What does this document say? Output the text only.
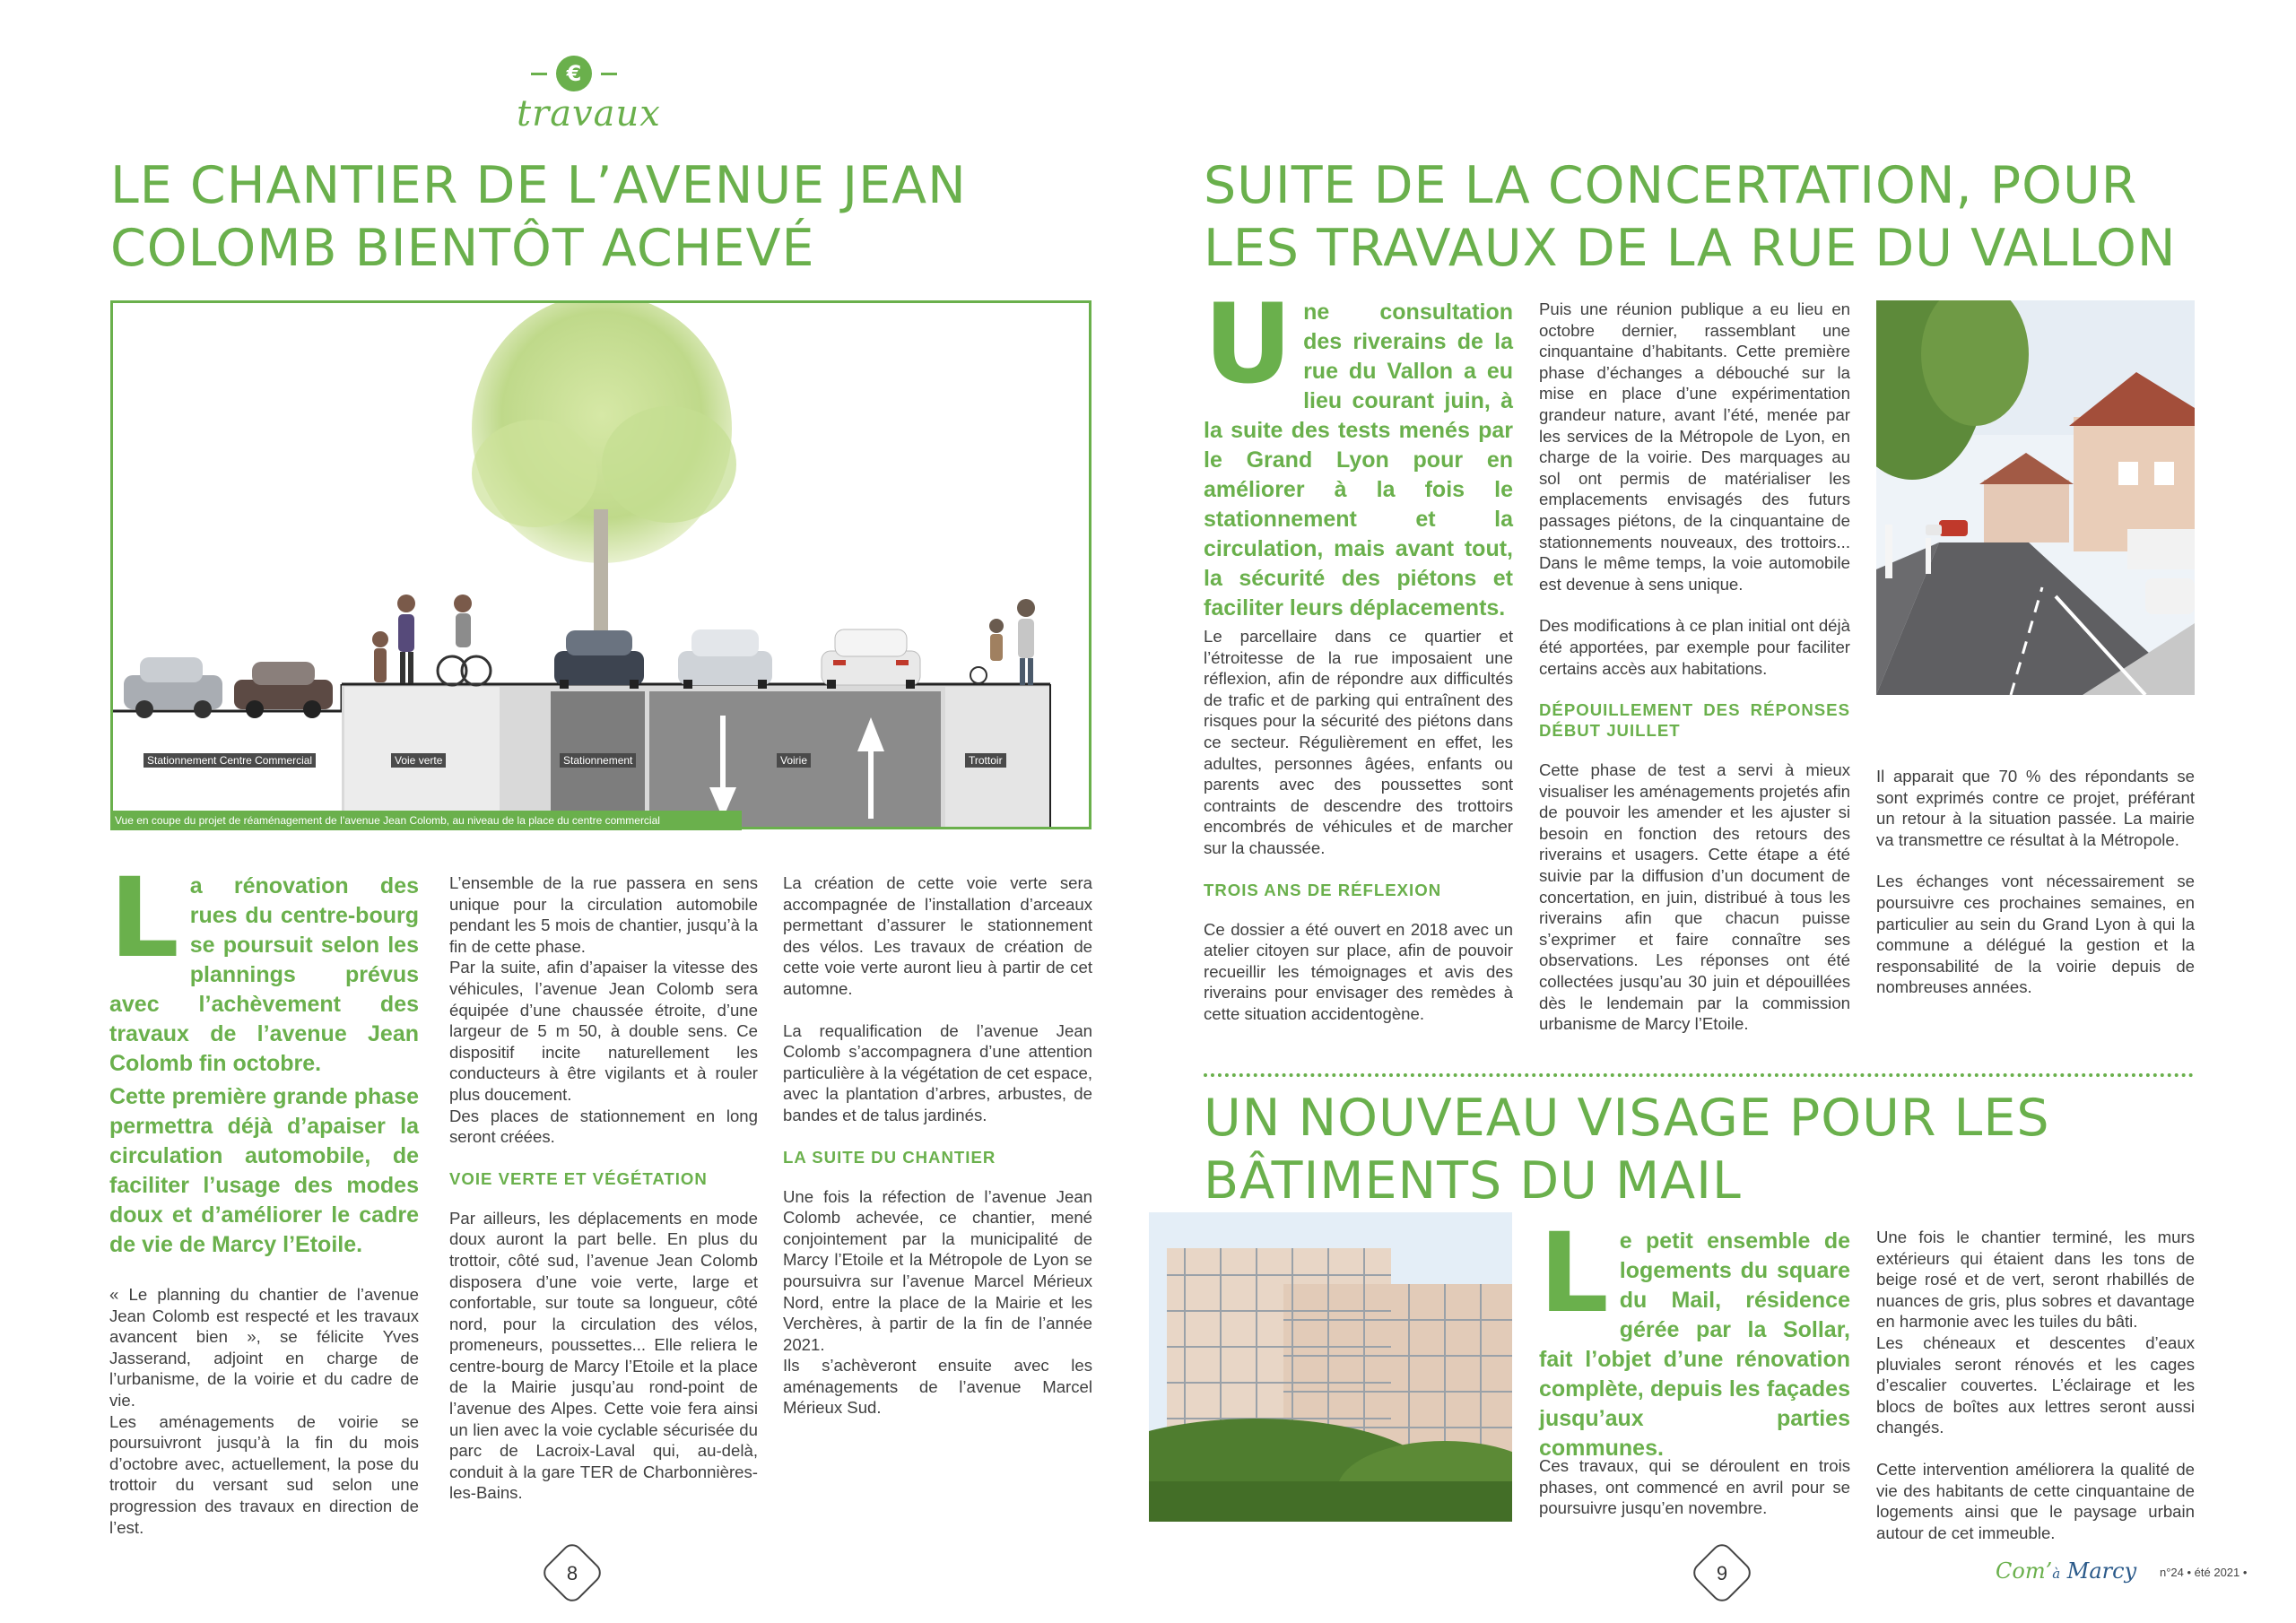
€
travaux
LE CHANTIER DE L’AVENUE JEAN COLOMB BIENTÔT ACHEVÉ
Stationnement Centre Commercial	Voie verte	Stationnement	Voirie	Trottoir
Vue en coupe du projet de réaménagement de l’avenue Jean Colomb, au niveau de la place du centre commercial
L a rénovation des rues du centre-bourg se poursuit selon les plannings prévus avec l’achèvement des travaux de l’avenue Jean Colomb fin octobre.
Cette première grande phase permettra déjà d’apaiser la circulation automobile, de faciliter l’usage des modes doux et d’améliorer le cadre de vie de Marcy l’Etoile.

« Le planning du chantier de l’avenue Jean Colomb est respecté et les travaux avancent bien », se félicite Yves Jasserand, adjoint en charge de l’urbanisme, de la voirie et du cadre de vie.

Les aménagements de voirie se poursuivront jusqu’à la fin du mois d’octobre avec, actuellement, la pose du trottoir du versant sud selon une progression des travaux en direction de l’est.

L’ensemble de la rue passera en sens unique pour la circulation automobile pendant les 5 mois de chantier, jusqu’à la fin de cette phase.

Par la suite, afin d’apaiser la vitesse des véhicules, l’avenue Jean Colomb sera équipée d’une chaussée étroite, d’une largeur de 5 m 50, à double sens. Ce dispositif incite naturellement les conducteurs à être vigilants et à rouler plus doucement.

Des places de stationnement en long seront créées.

VOIE VERTE ET VÉGÉTATION

Par ailleurs, les déplacements en mode doux auront la part belle. En plus du trottoir, côté sud, l’avenue Jean Colomb disposera d’une voie verte, large et confortable, sur toute sa longueur, côté nord, pour la circulation des vélos, promeneurs, poussettes... Elle reliera le centre-bourg de Marcy l’Etoile et la place de la Mairie jusqu’au rond-point de l’avenue des Alpes. Cette voie fera ainsi un lien avec la voie cyclable sécurisée du parc de Lacroix-Laval qui, au-delà, conduit à la gare TER de Charbonnières-les-Bains.

La création de cette voie verte sera accompagnée de l’installation d’arceaux permettant d’assurer le stationnement des vélos. Les travaux de création de cette voie verte auront lieu à partir de cet automne.

La requalification de l’avenue Jean Colomb s’accompagnera d’une attention particulière à la végétation de cet espace, avec la plantation d’arbres, arbustes, de bandes et de talus jardinés.

LA SUITE DU CHANTIER

Une fois la réfection de l’avenue Jean Colomb achevée, ce chantier, mené conjointement par la municipalité de Marcy l’Etoile et la Métropole de Lyon se poursuivra sur l’avenue Marcel Mérieux Nord, entre la place de la Mairie et les Verchères, à partir de la fin de l’année 2021.

Ils s’achèveront ensuite avec les aménagements de l’avenue Marcel Mérieux Sud.

8
SUITE DE LA CONCERTATION, POUR LES TRAVAUX DE LA RUE DU VALLON
U ne consultation des riverains de la rue du Vallon a eu lieu courant juin, à la suite des tests menés par le Grand Lyon pour en améliorer à la fois le stationnement et la circulation, mais avant tout, la sécurité des piétons et faciliter leurs déplacements.

Le parcellaire dans ce quartier et l’étroitesse de la rue imposaient une réflexion, afin de répondre aux difficultés de trafic et de parking qui entraînent des risques pour la sécurité des piétons dans ce secteur. Régulièrement en effet, les adultes, personnes âgées, enfants ou parents avec des poussettes sont contraints de descendre des trottoirs encombrés de véhicules et de marcher sur la chaussée.

TROIS ANS DE RÉFLEXION

Ce dossier a été ouvert en 2018 avec un atelier citoyen sur place, afin de pouvoir recueillir les témoignages et avis des riverains pour envisager des remèdes à cette situation accidentogène.

Puis une réunion publique a eu lieu en octobre dernier, rassemblant une cinquantaine d’habitants. Cette première phase d’échanges a débouché sur la mise en place d’une expérimentation grandeur nature, avant l’été, menée par les services de la Métropole de Lyon, en charge de la voirie. Des marquages au sol ont permis de matérialiser les emplacements envisagés des futurs passages piétons, de la cinquantaine de stationnements nouveaux, des trottoirs... Dans le même temps, la voie automobile est devenue à sens unique.

Des modifications à ce plan initial ont déjà été apportées, par exemple pour faciliter certains accès aux habitations.

DÉPOUILLEMENT DES RÉPONSES DÉBUT JUILLET

Cette phase de test a servi à mieux visualiser les aménagements projetés afin de pouvoir les amender et les ajuster si besoin en fonction des retours des riverains et usagers. Cette étape a été suivie par la diffusion d’un document de concertation, en juin, distribué à tous les riverains afin que chacun puisse s’exprimer et faire connaître ses observations. Les réponses ont été collectées jusqu’au 30 juin et dépouillées dès le lendemain par la commission urbanisme de Marcy l’Etoile.

Il apparait que 70 % des répondants se sont exprimés contre ce projet, préférant un retour à la situation passée. La mairie va transmettre ce résultat à la Métropole.

Les échanges vont nécessairement se poursuivre ces prochaines semaines, en particulier au sein du Grand Lyon à qui la commune a délégué la gestion et la responsabilité de la voirie depuis de nombreuses années.

UN NOUVEAU VISAGE POUR LES BÂTIMENTS DU MAIL
L e petit ensemble de logements du square du Mail, résidence gérée par la Sollar, fait l’objet d’une rénovation complète, depuis les façades jusqu’aux parties communes.

Ces travaux, qui se déroulent en trois phases, ont commencé en avril pour se poursuivre jusqu’en novembre.

Une fois le chantier terminé, les murs extérieurs qui étaient dans les tons de beige rosé et de vert, seront rhabillés de nuances de gris, plus sobres et davantage en harmonie avec les tuiles du bâti.

Les chéneaux et descentes d’eaux pluviales seront rénovés et les cages d’escalier couvertes. L’éclairage et les blocs de boîtes aux lettres seront aussi changés.

Cette intervention améliorera la qualité de vie des habitants de cette cinquantaine de logements ainsi que le paysage urbain autour de cet immeuble.

9	Com’à Marcy n°24 • été 2021 •
